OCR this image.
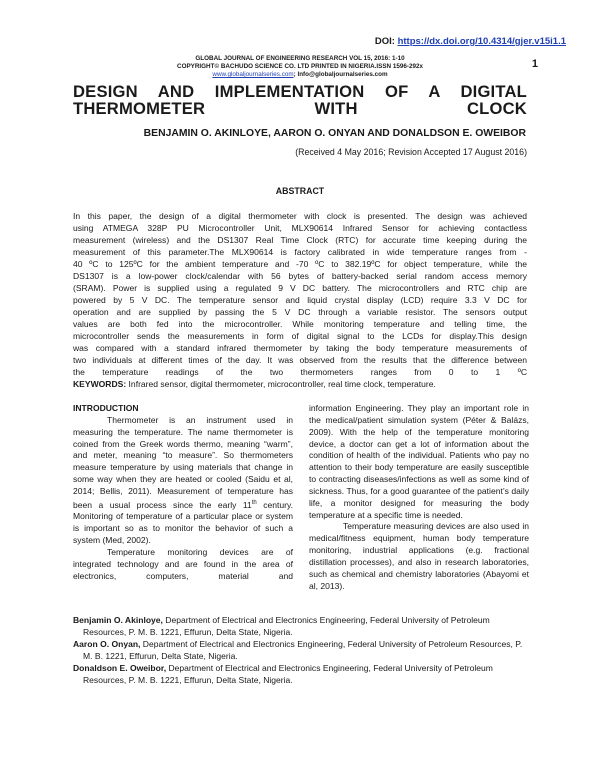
DOI: https://dx.doi.org/10.4314/gjer.v15i1.1
GLOBAL JOURNAL OF ENGINEERING RESEARCH VOL 15, 2016: 1-10
COPYRIGHT© BACHUDO SCIENCE CO. LTD PRINTED IN NIGERIA.ISSN 1596-292x
www.globaljournalseries.com; Info@globaljournalseries.com
1
DESIGN AND IMPLEMENTATION OF A DIGITAL
THERMOMETER WITH CLOCK
BENJAMIN O. AKINLOYE, AARON O. ONYAN AND DONALDSON E. OWEIBOR
(Received 4 May 2016; Revision Accepted 17 August 2016)
ABSTRACT
In this paper, the design of a digital thermometer with clock is presented. The design was achieved
using ATMEGA 328P PU Microcontroller Unit, MLX90614 Infrared Sensor for achieving contactless
measurement (wireless) and the DS1307 Real Time Clock (RTC) for accurate time keeping during the
measurement of this parameter.The MLX90614 is factory calibrated in wide temperature ranges from -
40 ºC to 125ºC for the ambient temperature and -70 ºC to 382.19ºC for object temperature, while the
DS1307 is a low-power clock/calendar with 56 bytes of battery-backed serial random access memory
(SRAM). Power is supplied using a regulated 9 V DC battery. The microcontrollers and RTC chip are
powered by 5 V DC. The temperature sensor and liquid crystal display (LCD) require 3.3 V DC for
operation and are supplied by passing the 5 V DC through a variable resistor. The sensors output
values are both fed into the microcontroller. While monitoring temperature and telling time, the
microcontroller sends the measurements in form of digital signal to the LCDs for display.This design
was compared with a standard infrared thermometer by taking the body temperature measurements of
two individuals at different times of the day. It was observed from the results that the difference between
the temperature readings of the two thermometers ranges from 0 to 1 ºC
KEYWORDS: Infrared sensor, digital thermometer, microcontroller, real time clock, temperature.

INTRODUCTION

Thermometer is an instrument used in measuring the temperature. The name thermometer is coined from the Greek words thermo, meaning “warm”, and meter, meaning “to measure”. So thermometers measure temperature by using materials that change in some way when they are heated or cooled (Saidu et al, 2014; Bellis, 2011). Measurement of temperature has been a usual process since the early 11th century. Monitoring of temperature of a particular place or system is important so as to monitor the behavior of such a system (Med, 2002).

Temperature monitoring devices are of integrated technology and are found in the area of electronics, computers, material and

information Engineering. They play an important role in the medical/patient simulation system (Péter & Balázs, 2009). With the help of the temperature monitoring device, a doctor can get a lot of information about the condition of health of the individual. Patients who pay no attention to their body temperature are easily susceptible to contracting diseases/infections as well as some kind of sickness. Thus, for a good guarantee of the patient’s daily life, a monitor designed for measuring the body temperature at a specific time is needed.

Temperature measuring devices are also used in medical/fitness equipment, human body temperature monitoring, industrial applications (e.g. fractional distillation processes), and also in research laboratories, such as chemical and chemistry laboratories (Abayomi et al, 2013).

Benjamin O. Akinloye, Department of Electrical and Electronics Engineering, Federal University of Petroleum Resources, P. M. B. 1221, Effurun, Delta State, Nigeria.

Aaron O. Onyan, Department of Electrical and Electronics Engineering, Federal University of Petroleum Resources, P. M. B. 1221, Effurun, Delta State, Nigeria.

Donaldson E. Oweibor, Department of Electrical and Electronics Engineering, Federal University of Petroleum Resources, P. M. B. 1221, Effurun, Delta State, Nigeria.
